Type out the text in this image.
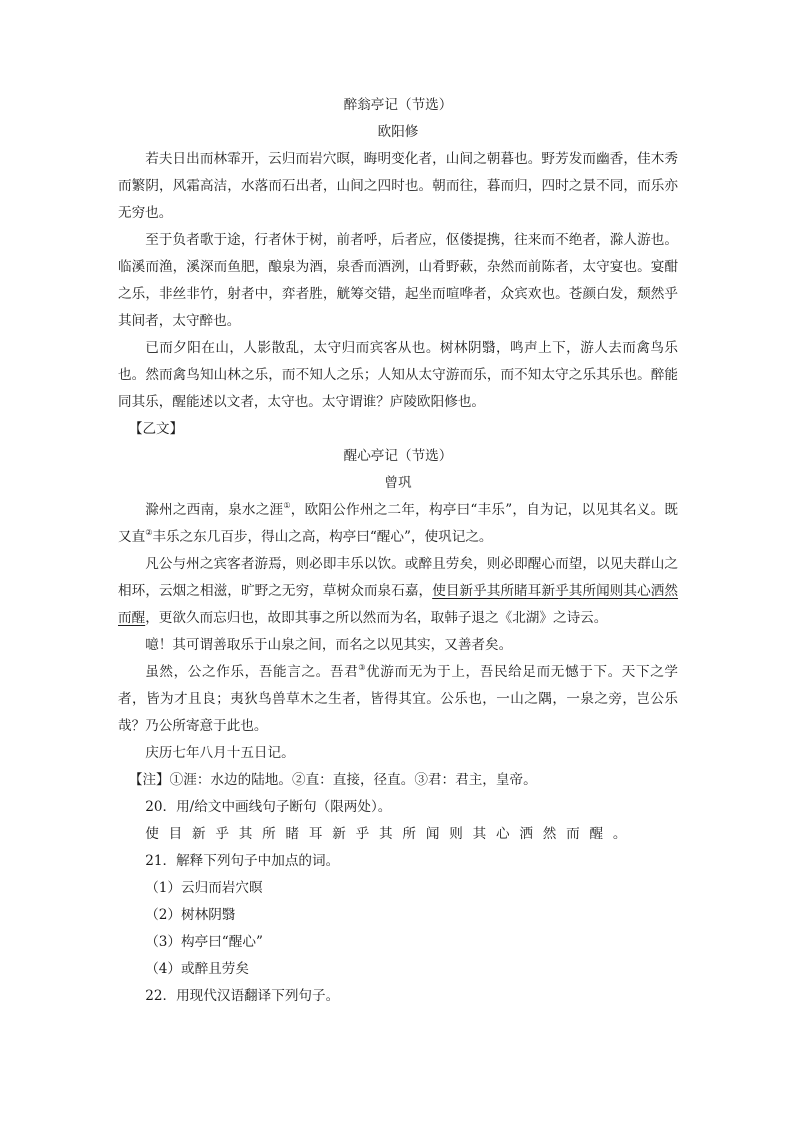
醉翁亭记（节选）

欧阳修

若夫日出而林霏开，云归而岩穴暝，晦明变化者，山间之朝暮也。野芳发而幽香，佳木秀而繁阴，风霜高洁，水落而石出者，山间之四时也。朝而往，暮而归，四时之景不同，而乐亦无穷也。

至于负者歌于途，行者休于树，前者呼，后者应，伛偻提携，往来而不绝者，滁人游也。临溪而渔，溪深而鱼肥，酿泉为酒，泉香而酒洌，山肴野蔌，杂然而前陈者，太守宴也。宴酣之乐，非丝非竹，射者中，弈者胜，觥筹交错，起坐而喧哗者，众宾欢也。苍颜白发，颓然乎其间者，太守醉也。

已而夕阳在山，人影散乱，太守归而宾客从也。树林阴翳，鸣声上下，游人去而禽鸟乐也。然而禽鸟知山林之乐，而不知人之乐；人知从太守游而乐，而不知太守之乐其乐也。醉能同其乐，醒能述以文者，太守也。太守谓谁？庐陵欧阳修也。

【乙文】

醒心亭记（节选）

曾巩

滁州之西南，泉水之涯①，欧阳公作州之二年，构亭曰“丰乐”，自为记，以见其名义。既又直②丰乐之东几百步，得山之高，构亭曰“醒心”，使巩记之。

凡公与州之宾客者游焉，则必即丰乐以饮。或醉且劳矣，则必即醒心而望，以见夫群山之相环，云烟之相滋，旷野之无穷，草树众而泉石嘉，使目新乎其所睹耳新乎其所闻则其心洒然而醒，更欲久而忘归也，故即其事之所以然而为名，取韩子退之《北湖》之诗云。

噫！其可谓善取乐于山泉之间，而名之以见其实，又善者矣。

虽然，公之作乐，吾能言之。吾君③优游而无为于上，吾民给足而无憾于下。天下之学者，皆为才且良；夷狄鸟兽草木之生者，皆得其宜。公乐也，一山之隅，一泉之旁，岂公乐哉？乃公所寄意于此也。

庆历七年八月十五日记。

【注】①涯：水边的陆地。②直：直接，径直。③君：君主，皇帝。

20．用/给文中画线句子断句（限两处）。

使目新乎其所睹耳新乎其所闻则其心洒然而醒。

21．解释下列句子中加点的词。

（1）云归而岩穴暝

（2）树林阴翳

（3）构亭曰“醒心”

（4）或醉且劳矣

22．用现代汉语翻译下列句子。
